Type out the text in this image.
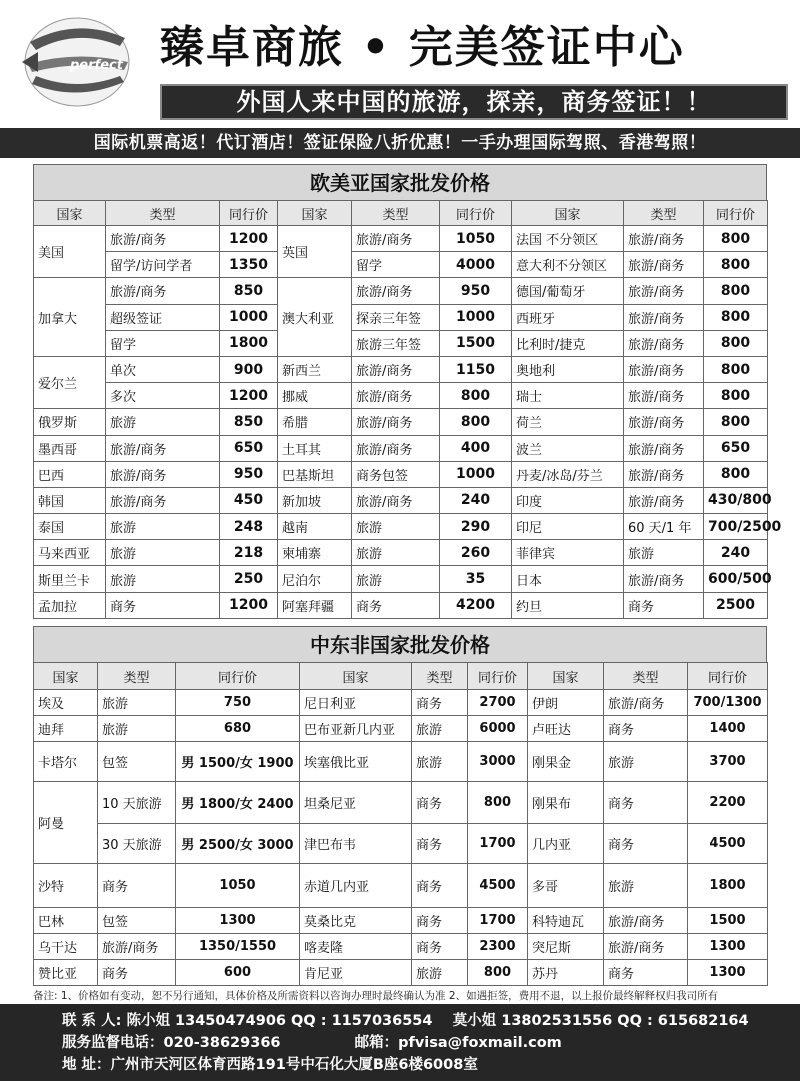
perfect 臻卓商旅 • 完美签证中心
外国人来中国的旅游，探亲，商务签证！！
国际机票高返！代订酒店！签证保险八折优惠！一手办理国际驾照、香港驾照！
欧美亚国家批发价格
国家	类型	同行价	国家	类型	同行价	国家	类型	同行价
美国	旅游/商务	1200	英国	旅游/商务	1050	法国 不分领区	旅游/商务	800
	留学/访问学者	1350		留学	4000	意大利不分领区	旅游/商务	800
加拿大	旅游/商务	850	澳大利亚	旅游/商务	950	德国/葡萄牙	旅游/商务	800
	超级签证	1000		探亲三年签	1000	西班牙	旅游/商务	800
	留学	1800		旅游三年签	1500	比利时/捷克	旅游/商务	800
爱尔兰	单次	900	新西兰	旅游/商务	1150	奥地利	旅游/商务	800
	多次	1200	挪威	旅游/商务	800	瑞士	旅游/商务	800
俄罗斯	旅游	850	希腊	旅游/商务	800	荷兰	旅游/商务	800
墨西哥	旅游/商务	650	土耳其	旅游/商务	400	波兰	旅游/商务	650
巴西	旅游/商务	950	巴基斯坦	商务包签	1000	丹麦/冰岛/芬兰	旅游/商务	800
韩国	旅游/商务	450	新加坡	旅游/商务	240	印度	旅游/商务	430/800
泰国	旅游	248	越南	旅游	290	印尼	60 天/1 年	700/2500
马来西亚	旅游	218	柬埔寨	旅游	260	菲律宾	旅游	240
斯里兰卡	旅游	250	尼泊尔	旅游	35	日本	旅游/商务	600/500
孟加拉	商务	1200	阿塞拜疆	商务	4200	约旦	商务	2500
中东非国家批发价格
国家	类型	同行价	国家	类型	同行价	国家	类型	同行价
埃及	旅游	750	尼日利亚	商务	2700	伊朗	旅游/商务	700/1300
迪拜	旅游	680	巴布亚新几内亚	旅游	6000	卢旺达	商务	1400
卡塔尔	包签	男 1500/女 1900	埃塞俄比亚	旅游	3000	刚果金	旅游	3700
阿曼	10 天旅游	男 1800/女 2400	坦桑尼亚	商务	800	刚果布	商务	2200
	30 天旅游	男 2500/女 3000	津巴布韦	商务	1700	几内亚	商务	4500
沙特	商务	1050	赤道几内亚	商务	4500	多哥	旅游	1800
巴林	包签	1300	莫桑比克	商务	1700	科特迪瓦	旅游/商务	1500
乌干达	旅游/商务	1350/1550	喀麦隆	商务	2300	突尼斯	旅游/商务	1300
赞比亚	商务	600	肯尼亚	旅游	800	苏丹	商务	1300
备注: 1、价格如有变动，恕不另行通知，具体价格及所需资料以咨询办理时最终确认为准 2、如遇拒签，费用不退，以上报价最终解释权归我司所有
联 系 人: 陈小姐 13450474906 QQ : 1157036554 莫小姐 13802531556 QQ : 615682164
服务监督电话：020-38629366	邮箱：pfvisa@foxmail.com
地 址：广州市天河区体育西路191号中石化大厦B座6楼6008室
